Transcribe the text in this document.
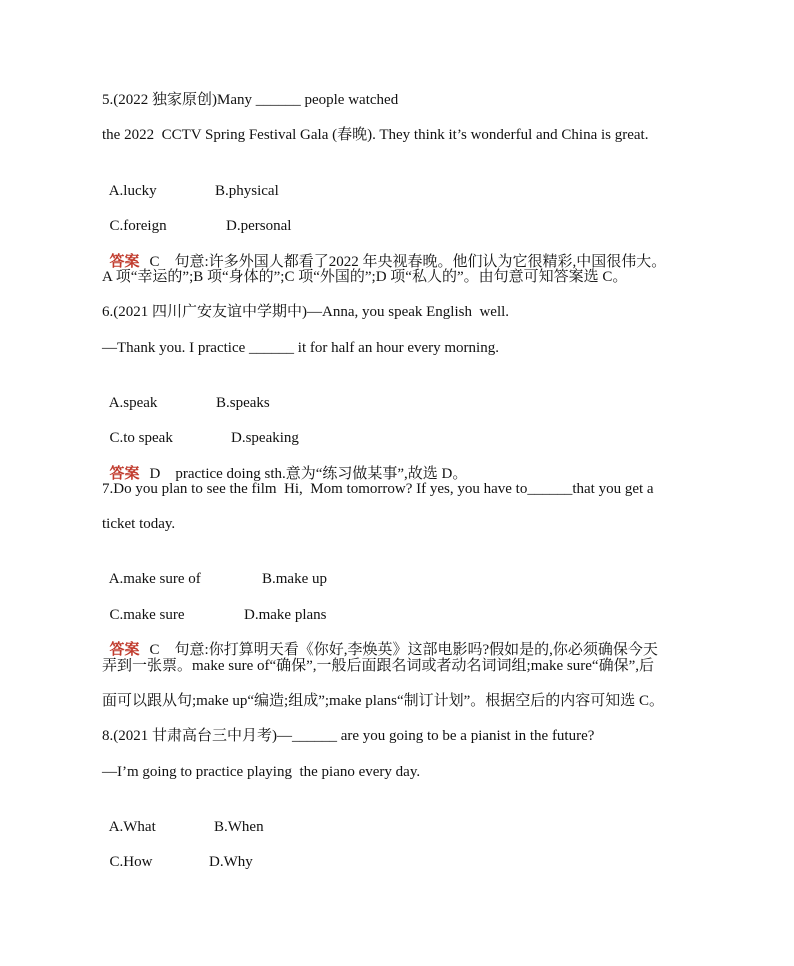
5.(2022 独家原创)Many ______ people watched
the 2022  CCTV Spring Festival Gala (春晚). They think it’s wonderful and China is great.

A.lucky	B.physical

C.foreign	D.personal

答案 C    句意:许多外国人都看了2022 年央视春晚。他们认为它很精彩,中国很伟大。

A 项“幸运的”;B 项“身体的”;C 项“外国的”;D 项“私人的”。由句意可知答案选 C。
6.(2021 四川广安友谊中学期中)—Anna, you speak English  well.
—Thank you. I practice ______ it for half an hour every morning.

A.speak	B.speaks

C.to speak	D.speaking

答案 D    practice doing sth.意为“练习做某事”,故选 D。

7.Do you plan to see the film  Hi,  Mom tomorrow? If yes, you have to______that you get a
ticket today.

A.make sure of	B.make up

C.make sure	D.make plans

答案 C    句意:你打算明天看《你好,李焕英》这部电影吗?假如是的,你必须确保今天

弄到一张票。make sure of“确保”,一般后面跟名词或者动名词词组;make sure“确保”,后
面可以跟从句;make up“编造;组成”;make plans“制订计划”。根据空后的内容可知选 C。
8.(2021 甘肃高台三中月考)—______ are you going to be a pianist in the future?
—I’m going to practice playing  the piano every day.

A.What	B.When

C.How	D.Why
